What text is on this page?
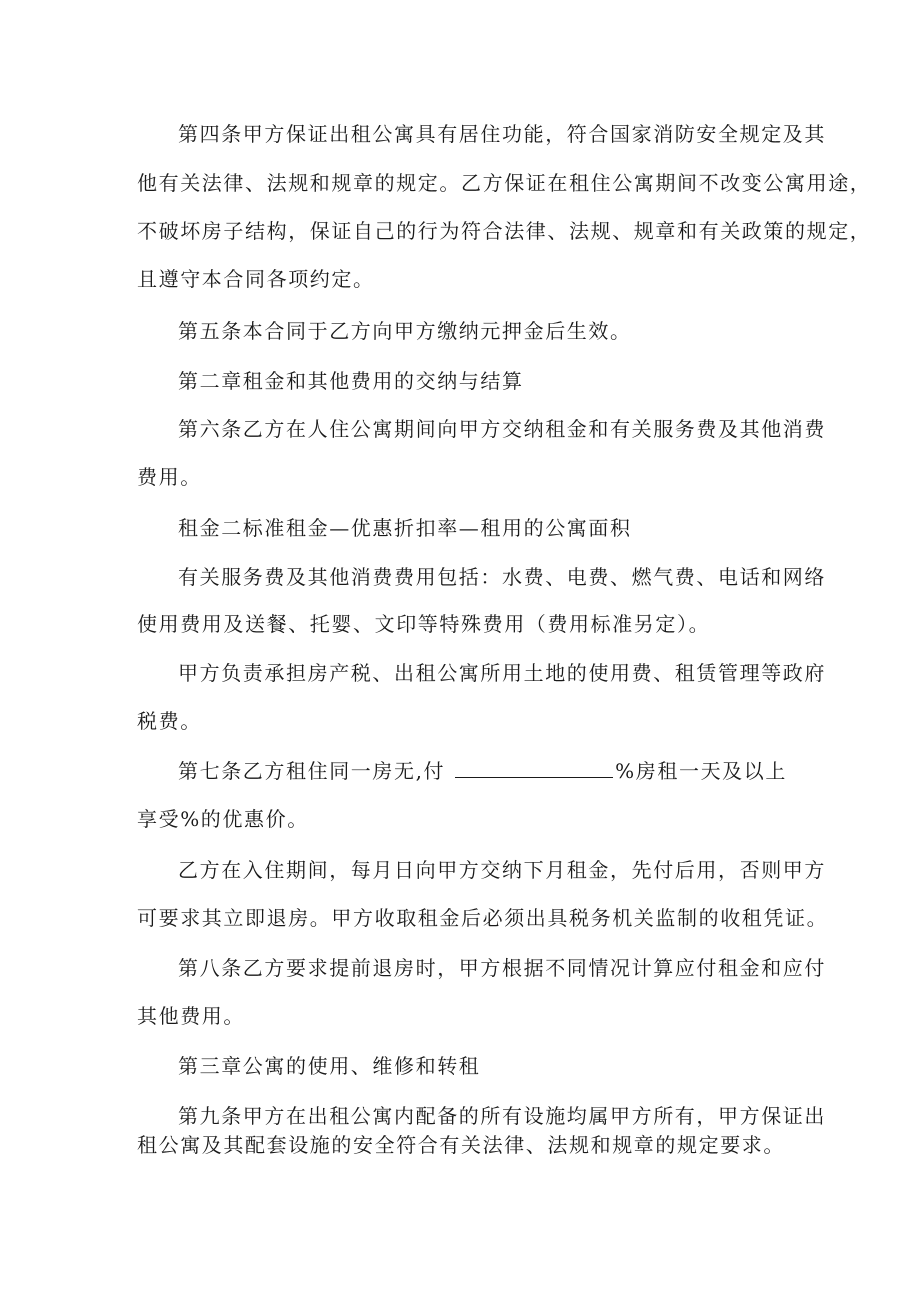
第四条甲方保证出租公寓具有居住功能，符合国家消防安全规定及其
他有关法律、法规和规章的规定。乙方保证在租住公寓期间不改变公寓用途，
不破坏房子结构，保证自己的行为符合法律、法规、规章和有关政策的规定，
且遵守本合同各项约定。
第五条本合同于乙方向甲方缴纳元押金后生效。
第二章租金和其他费用的交纳与结算
第六条乙方在人住公寓期间向甲方交纳租金和有关服务费及其他消费
费用。
租金二标准租金—优惠折扣率—租用的公寓面积
有关服务费及其他消费费用包括：水费、电费、燃气费、电话和网络
使用费用及送餐、托婴、文印等特殊费用（费用标准另定）。
甲方负责承担房产税、出租公寓所用土地的使用费、租赁管理等政府
税费。
第七条乙方租住同一房无,付	%房租一天及以上
享受%的优惠价。
乙方在入住期间，每月日向甲方交纳下月租金，先付后用，否则甲方
可要求其立即退房。甲方收取租金后必须出具税务机关监制的收租凭证。
第八条乙方要求提前退房时，甲方根据不同情况计算应付租金和应付
其他费用。
第三章公寓的使用、维修和转租
第九条甲方在出租公寓内配备的所有设施均属甲方所有，甲方保证出
租公寓及其配套设施的安全符合有关法律、法规和规章的规定要求。
